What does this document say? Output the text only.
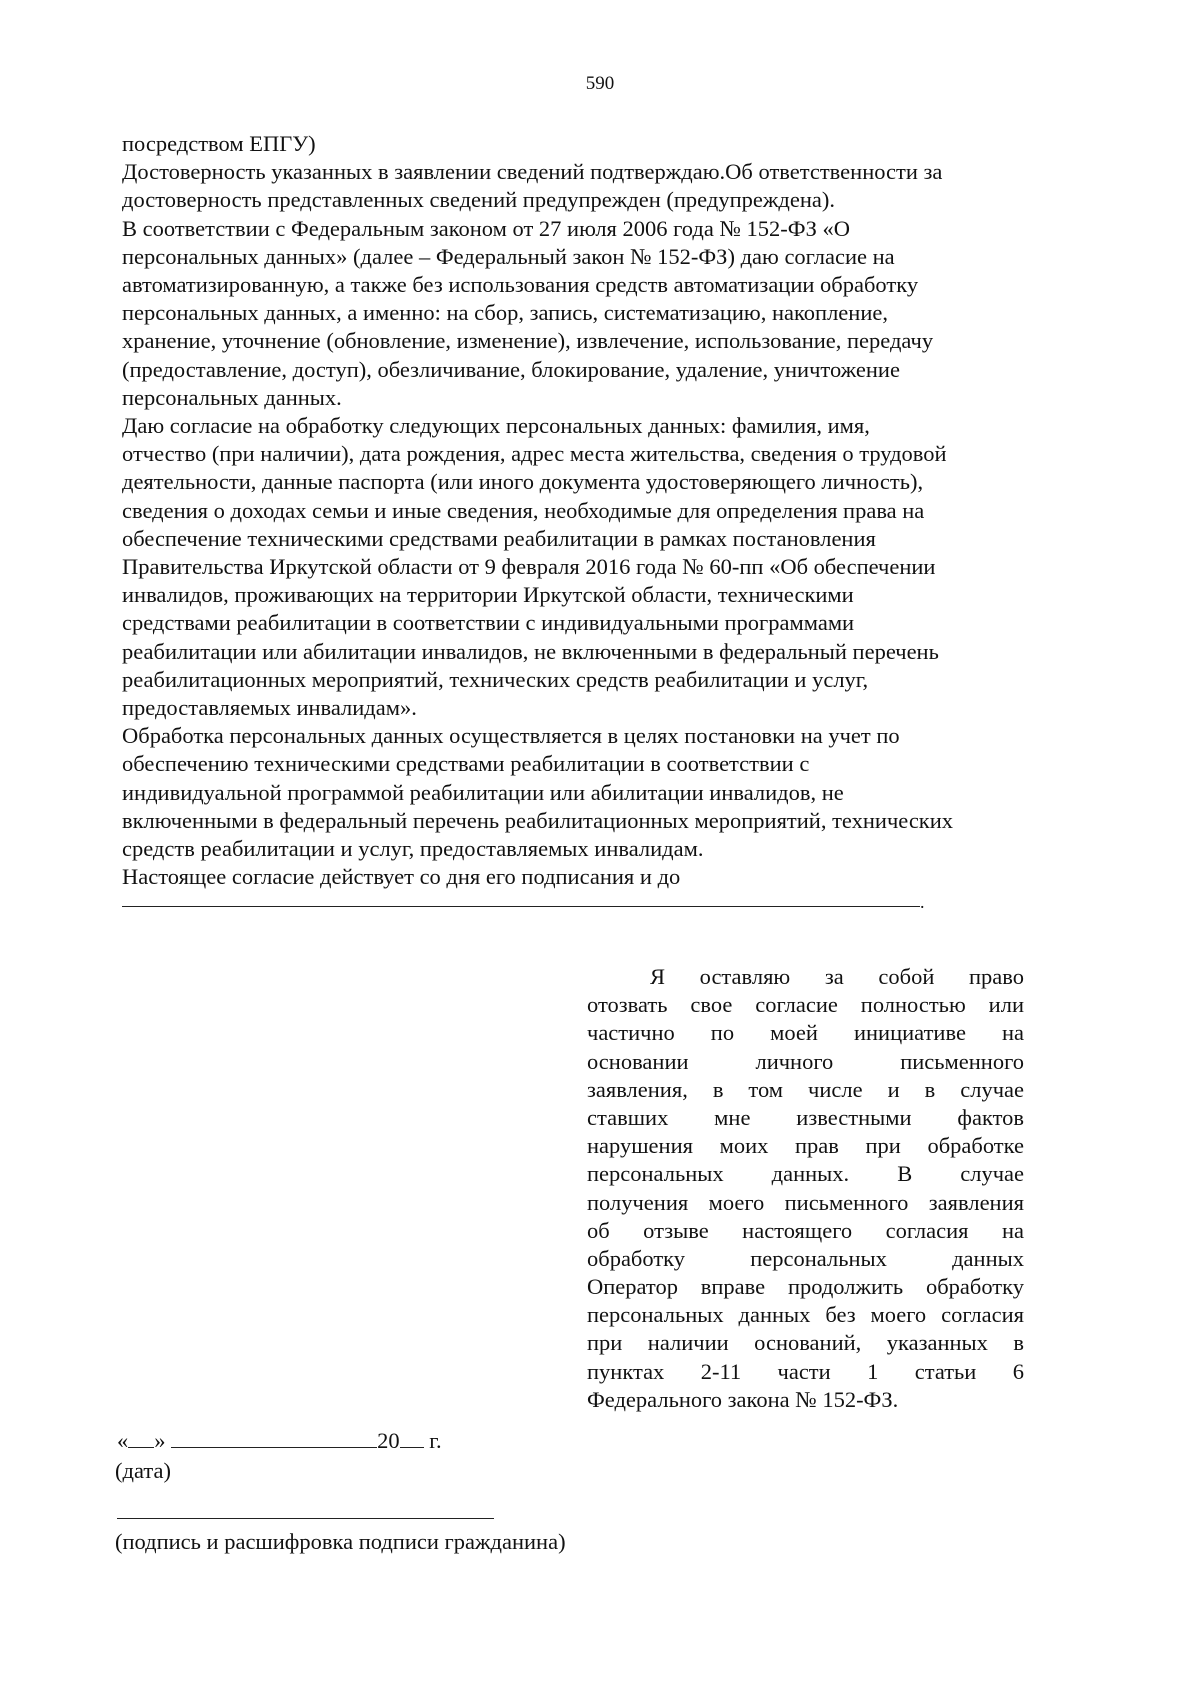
590
посредством ЕПГУ)
Достоверность указанных в заявлении сведений подтверждаю.Об ответственности за
достоверность представленных сведений предупрежден (предупреждена).
В соответствии с Федеральным законом от 27 июля 2006 года № 152-ФЗ «О
персональных данных» (далее – Федеральный закон № 152-ФЗ) даю согласие на
автоматизированную, а также без использования средств автоматизации обработку
персональных данных, а именно: на сбор, запись, систематизацию, накопление,
хранение, уточнение (обновление, изменение), извлечение, использование, передачу
(предоставление, доступ), обезличивание, блокирование, удаление, уничтожение
персональных данных.
Даю согласие на обработку следующих персональных данных: фамилия, имя,
отчество (при наличии), дата рождения, адрес места жительства, сведения о трудовой
деятельности, данные паспорта (или иного документа удостоверяющего личность),
сведения о доходах семьи и иные сведения, необходимые для определения права на
обеспечение техническими средствами реабилитации в рамках постановления
Правительства Иркутской области от 9 февраля 2016 года № 60-пп «Об обеспечении
инвалидов, проживающих на территории Иркутской области, техническими
средствами реабилитации в соответствии с индивидуальными программами
реабилитации или абилитации инвалидов, не включенными в федеральный перечень
реабилитационных мероприятий, технических средств реабилитации и услуг,
предоставляемых инвалидам».
Обработка персональных данных осуществляется в целях постановки на учет по
обеспечению техническими средствами реабилитации в соответствии с
индивидуальной программой реабилитации или абилитации инвалидов, не
включенными в федеральный перечень реабилитационных мероприятий, технических
средств реабилитации и услуг, предоставляемых инвалидам.
Настоящее согласие действует со дня его подписания и до
.
Я оставляю за собой право
отозвать свое согласие полностью или
частично по моей инициативе на
основании личного письменного
заявления, в том числе и в случае
ставших мне известными фактов
нарушения моих прав при обработке
персональных данных. В случае
получения моего письменного заявления
об отзыве настоящего согласия на
обработку персональных данных
Оператор вправе продолжить обработку
персональных данных без моего согласия
при наличии оснований, указанных в
пунктах 2-11 части 1 статьи 6
Федерального закона № 152-ФЗ.
« »	20 г.
(дата)
(подпись и расшифровка подписи гражданина)
